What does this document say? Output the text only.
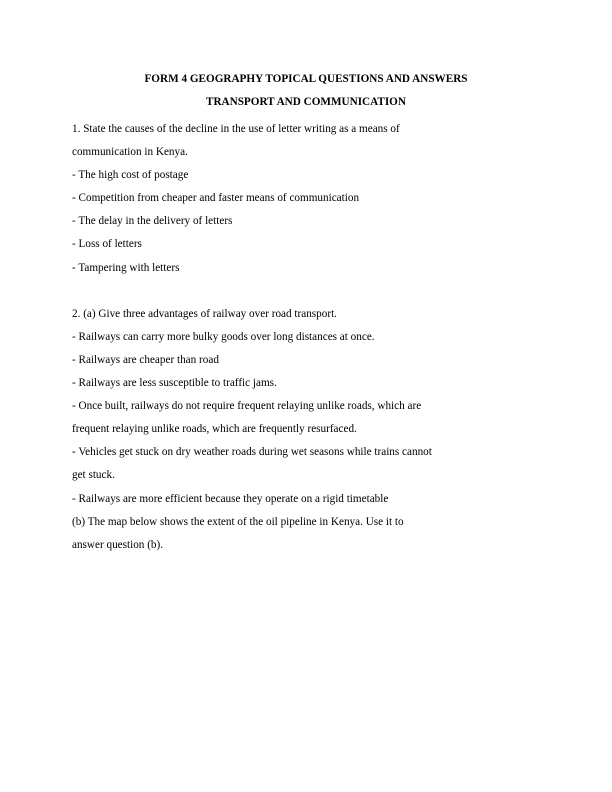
FORM 4 GEOGRAPHY TOPICAL QUESTIONS AND ANSWERS
TRANSPORT AND COMMUNICATION
1. State the causes of the decline in the use of letter writing as a means of
communication in Kenya.
- The high cost of postage
- Competition from cheaper and faster means of communication
- The delay in the delivery of letters
- Loss of letters
- Tampering with letters
2. (a) Give three advantages of railway over road transport.
- Railways can carry more bulky goods over long distances at once.
- Railways are cheaper than road
- Railways are less susceptible to traffic jams.
- Once built, railways do not require frequent relaying unlike roads, which are
frequent relaying unlike roads, which are frequently resurfaced.
- Vehicles get stuck on dry weather roads during wet seasons while trains cannot
get stuck.
- Railways are more efficient because they operate on a rigid timetable
(b) The map below shows the extent of the oil pipeline in Kenya. Use it to
answer question (b).
